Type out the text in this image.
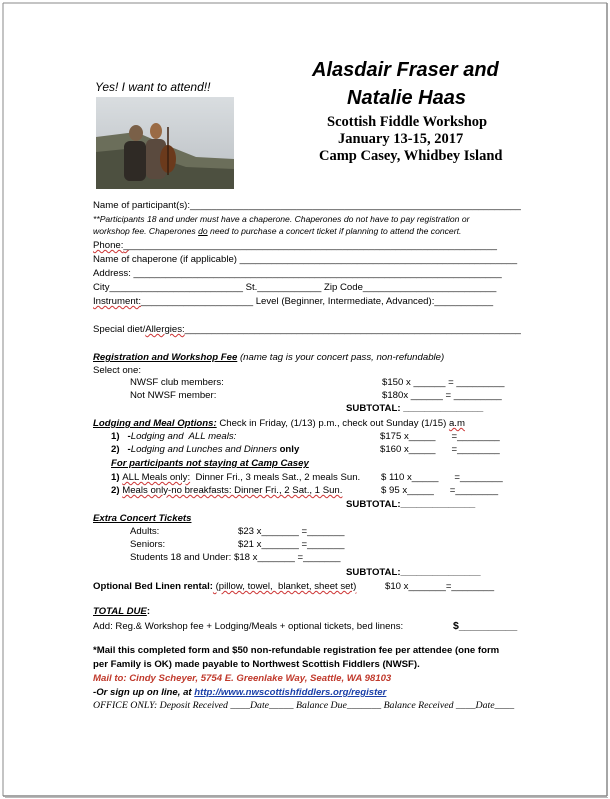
Yes! I want to attend!!
Alasdair Fraser and
Natalie Haas
Scottish Fiddle Workshop
January 13-15, 2017
Camp Casey, Whidbey Island
Name of participant(s):______________________________________________________________
**Participants 18 and under must have a chaperone. Chaperones do not have to pay registration or
workshop fee. Chaperones do need to purchase a concert ticket if planning to attend the concert.
Phone:______________________________________________________________________
Name of chaperone (if applicable) ____________________________________________________
Address: _____________________________________________________________________
City_________________________ St.____________ Zip Code_________________________
Instrument:_____________________ Level (Beginner, Intermediate, Advanced):___________
Special diet/Allergies:_______________________________________________________________
Registration and Workshop Fee (name tag is your concert pass, non-refundable)
Select one:
NWSF club members:	$150 x ______ = _________
Not NWSF member:	$180x ______ = _________
SUBTOTAL: _______________
Lodging and Meal Options: Check in Friday, (1/13) p.m., check out Sunday (1/15) a.m
1)   -Lodging and  ALL meals:	$175 x_____      =________
2)   -Lodging and Lunches and Dinners only	$160 x_____      =________
For participants not staying at Camp Casey
1) ALL Meals only:  Dinner Fri., 3 meals Sat., 2 meals Sun. $ 110 x_____      =________
2) Meals only-no breakfasts: Dinner Fri., 2 Sat., 1 Sun.	$ 95 x_____      =________
SUBTOTAL:______________
Extra Concert Tickets
Adults:	$23 x_______ =_______
Seniors:	$21 x_______ =_______
Students 18 and Under: $18 x_______ =_______
SUBTOTAL:_______________
Optional Bed Linen rental: (pillow, towel,  blanket, sheet set)	$10 x_______=________
TOTAL DUE:
Add: Reg.& Workshop fee + Lodging/Meals + optional tickets, bed linens:	$__________
*Mail this completed form and $50 non-refundable registration fee per attendee (one form
per Family is OK) made payable to Northwest Scottish Fiddlers (NWSF).
Mail to: Cindy Scheyer, 5754 E. Greenlake Way, Seattle, WA 98103
-Or sign up on line, at http://www.nwscottishfiddlers.org/register
OFFICE ONLY: Deposit Received ____Date_____ Balance Due_______ Balance Received ____Date____
